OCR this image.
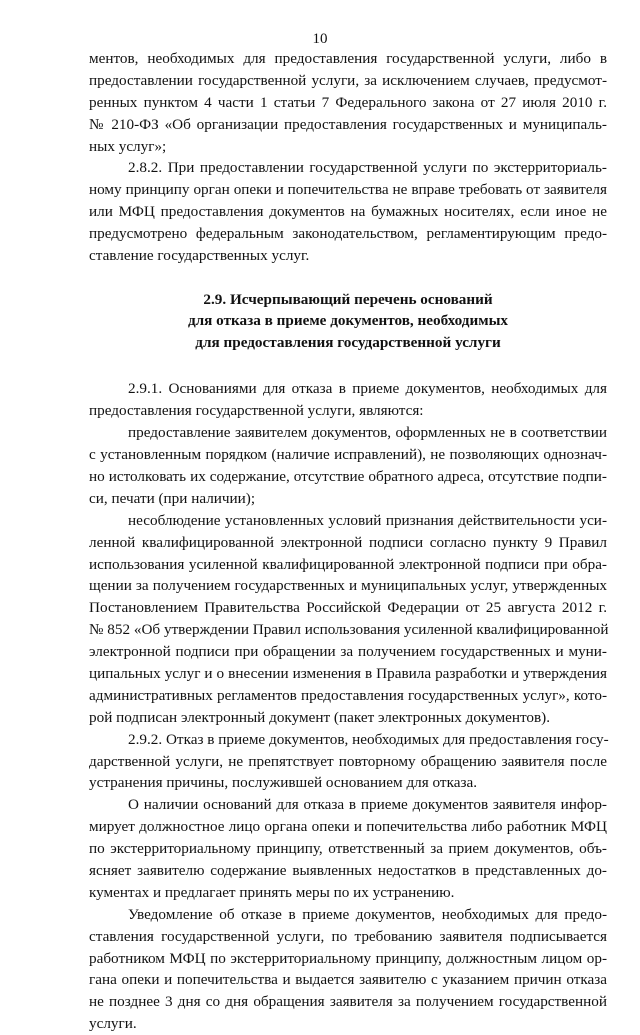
10
ментов, необходимых для предоставления государственной услуги, либо в
предоставлении государственной услуги, за исключением случаев, предусмот-
ренных пунктом 4 части 1 статьи 7 Федерального закона от 27 июля 2010 г.
№ 210-ФЗ «Об организации предоставления государственных и муниципаль-
ных услуг»;
2.8.2. При предоставлении государственной услуги по экстерриториаль-
ному принципу орган опеки и попечительства не вправе требовать от заявителя
или МФЦ предоставления документов на бумажных носителях, если иное не
предусмотрено федеральным законодательством, регламентирующим предо-
ставление государственных услуг.
2.9. Исчерпывающий перечень оснований
для отказа в приеме документов, необходимых
для предоставления государственной услуги
2.9.1. Основаниями для отказа в приеме документов, необходимых для
предоставления государственной услуги, являются:
предоставление заявителем документов, оформленных не в соответствии
с установленным порядком (наличие исправлений), не позволяющих однознач-
но истолковать их содержание, отсутствие обратного адреса, отсутствие подпи-
си, печати (при наличии);
несоблюдение установленных условий признания действительности уси-
ленной квалифицированной электронной подписи согласно пункту 9 Правил
использования усиленной квалифицированной электронной подписи при обра-
щении за получением государственных и муниципальных услуг, утвержденных
Постановлением Правительства Российской Федерации от 25 августа 2012 г.
№ 852 «Об утверждении Правил использования усиленной квалифицированной
электронной подписи при обращении за получением государственных и муни-
ципальных услуг и о внесении изменения в Правила разработки и утверждения
административных регламентов предоставления государственных услуг», кото-
рой подписан электронный документ (пакет электронных документов).
2.9.2. Отказ в приеме документов, необходимых для предоставления госу-
дарственной услуги, не препятствует повторному обращению заявителя после
устранения причины, послужившей основанием для отказа.
О наличии оснований для отказа в приеме документов заявителя инфор-
мирует должностное лицо органа опеки и попечительства либо работник МФЦ
по экстерриториальному принципу, ответственный за прием документов, объ-
ясняет заявителю содержание выявленных недостатков в представленных до-
кументах и предлагает принять меры по их устранению.
Уведомление об отказе в приеме документов, необходимых для предо-
ставления государственной услуги, по требованию заявителя подписывается
работником МФЦ по экстерриториальному принципу, должностным лицом ор-
гана опеки и попечительства и выдается заявителю с указанием причин отказа
не позднее 3 дня со дня обращения заявителя за получением государственной
услуги.
